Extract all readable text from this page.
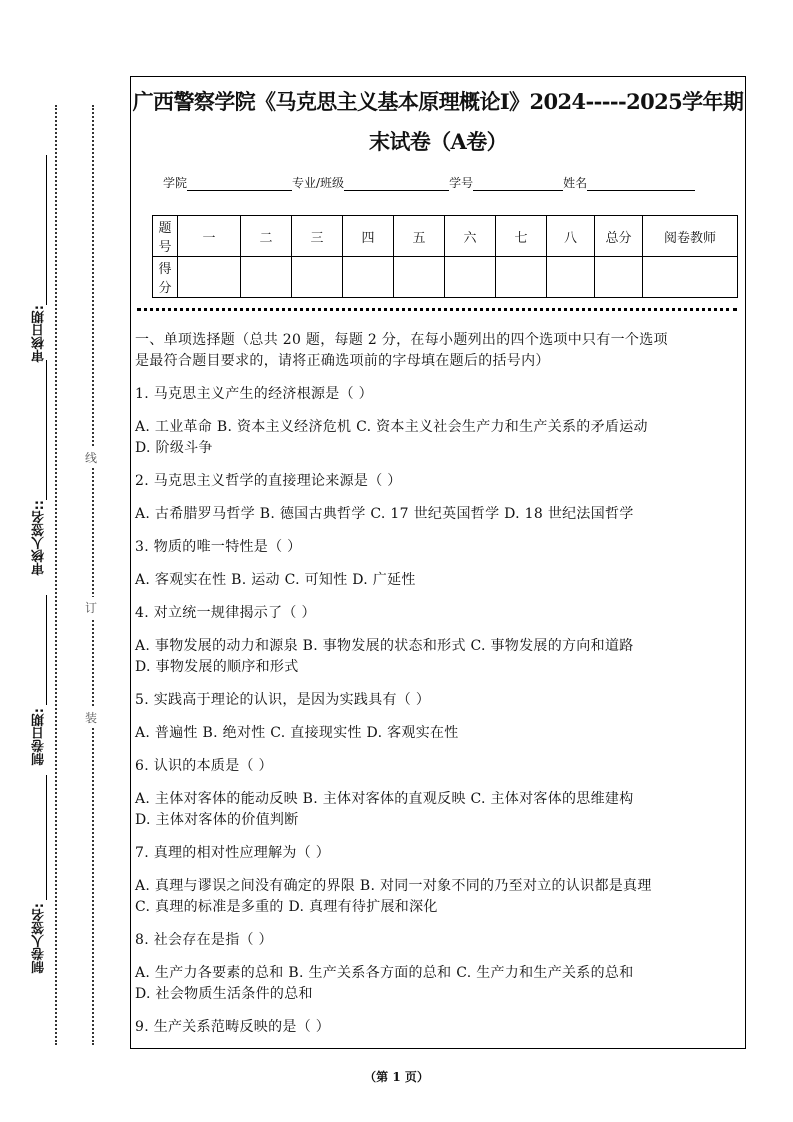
审核日期:
审核人签名::
制卷日期:
制卷人签名:
线
订
装
广西警察学院《马克思主义基本原理概论Ⅰ》2024-----2025学年期
末试卷（A卷）
学院	专业/班级	学号	姓名
题号	一	二	三	四	五	六	七	八	总分	阅卷教师
得分										

一、单项选择题（总共 20 题，每题 2 分，在每小题列出的四个选项中只有一个选项
是最符合题目要求的，请将正确选项前的字母填在题后的括号内）

1. 马克思主义产生的经济根源是（ ）

A. 工业革命 B. 资本主义经济危机 C. 资本主义社会生产力和生产关系的矛盾运动
D. 阶级斗争

2. 马克思主义哲学的直接理论来源是（ ）

A. 古希腊罗马哲学 B. 德国古典哲学 C. 17 世纪英国哲学 D. 18 世纪法国哲学

3. 物质的唯一特性是（ ）

A. 客观实在性 B. 运动 C. 可知性 D. 广延性

4. 对立统一规律揭示了（ ）

A. 事物发展的动力和源泉 B. 事物发展的状态和形式 C. 事物发展的方向和道路
D. 事物发展的顺序和形式

5. 实践高于理论的认识，是因为实践具有（ ）

A. 普遍性 B. 绝对性 C. 直接现实性 D. 客观实在性

6. 认识的本质是（ ）

A. 主体对客体的能动反映 B. 主体对客体的直观反映 C. 主体对客体的思维建构
D. 主体对客体的价值判断

7. 真理的相对性应理解为（ ）

A. 真理与谬误之间没有确定的界限 B. 对同一对象不同的乃至对立的认识都是真理
C. 真理的标准是多重的 D. 真理有待扩展和深化

8. 社会存在是指（ ）

A. 生产力各要素的总和 B. 生产关系各方面的总和 C. 生产力和生产关系的总和
D. 社会物质生活条件的总和

9. 生产关系范畴反映的是（ ）

（第 1 页）
